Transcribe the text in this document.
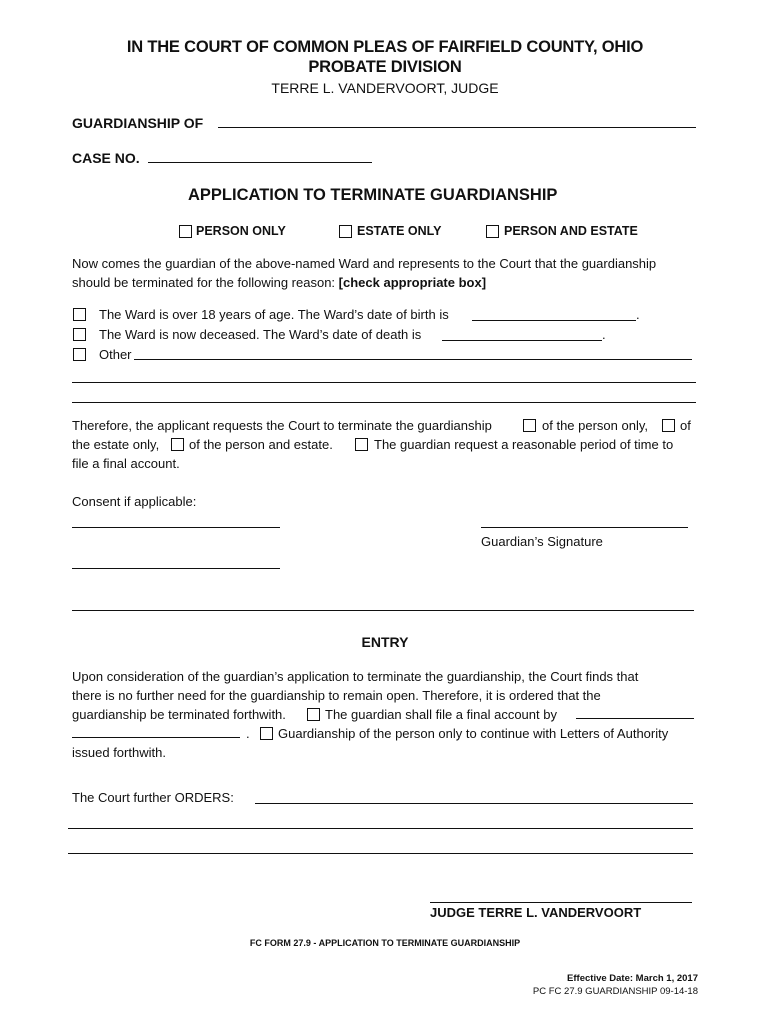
IN THE COURT OF COMMON PLEAS OF FAIRFIELD COUNTY, OHIO
PROBATE DIVISION
TERRE L. VANDERVOORT, JUDGE
GUARDIANSHIP OF
CASE NO.
APPLICATION TO TERMINATE GUARDIANSHIP
PERSON ONLY	ESTATE ONLY	PERSON AND ESTATE
Now comes the guardian of the above-named Ward and represents to the Court that the guardianship
should be terminated for the following reason: [check appropriate box]
The Ward is over 18 years of age. The Ward’s date of birth is	.
The Ward is now deceased. The Ward’s date of death is	.
Other
Therefore, the applicant requests the Court to terminate the guardianship	of the person only, of
the estate only, of the person and estate.	The guardian request a reasonable period of time to
file a final account.
Consent if applicable:
Guardian’s Signature
ENTRY
Upon consideration of the guardian’s application to terminate the guardianship, the Court finds that
there is no further need for the guardianship to remain open. Therefore, it is ordered that the
guardianship be terminated forthwith.	The guardian shall file a final account by
. Guardianship of the person only to continue with Letters of Authority
issued forthwith.
The Court further ORDERS:
JUDGE TERRE L. VANDERVOORT
FC FORM 27.9 - APPLICATION TO TERMINATE GUARDIANSHIP
Effective Date: March 1, 2017
PC FC 27.9 GUARDIANSHIP 09-14-18
